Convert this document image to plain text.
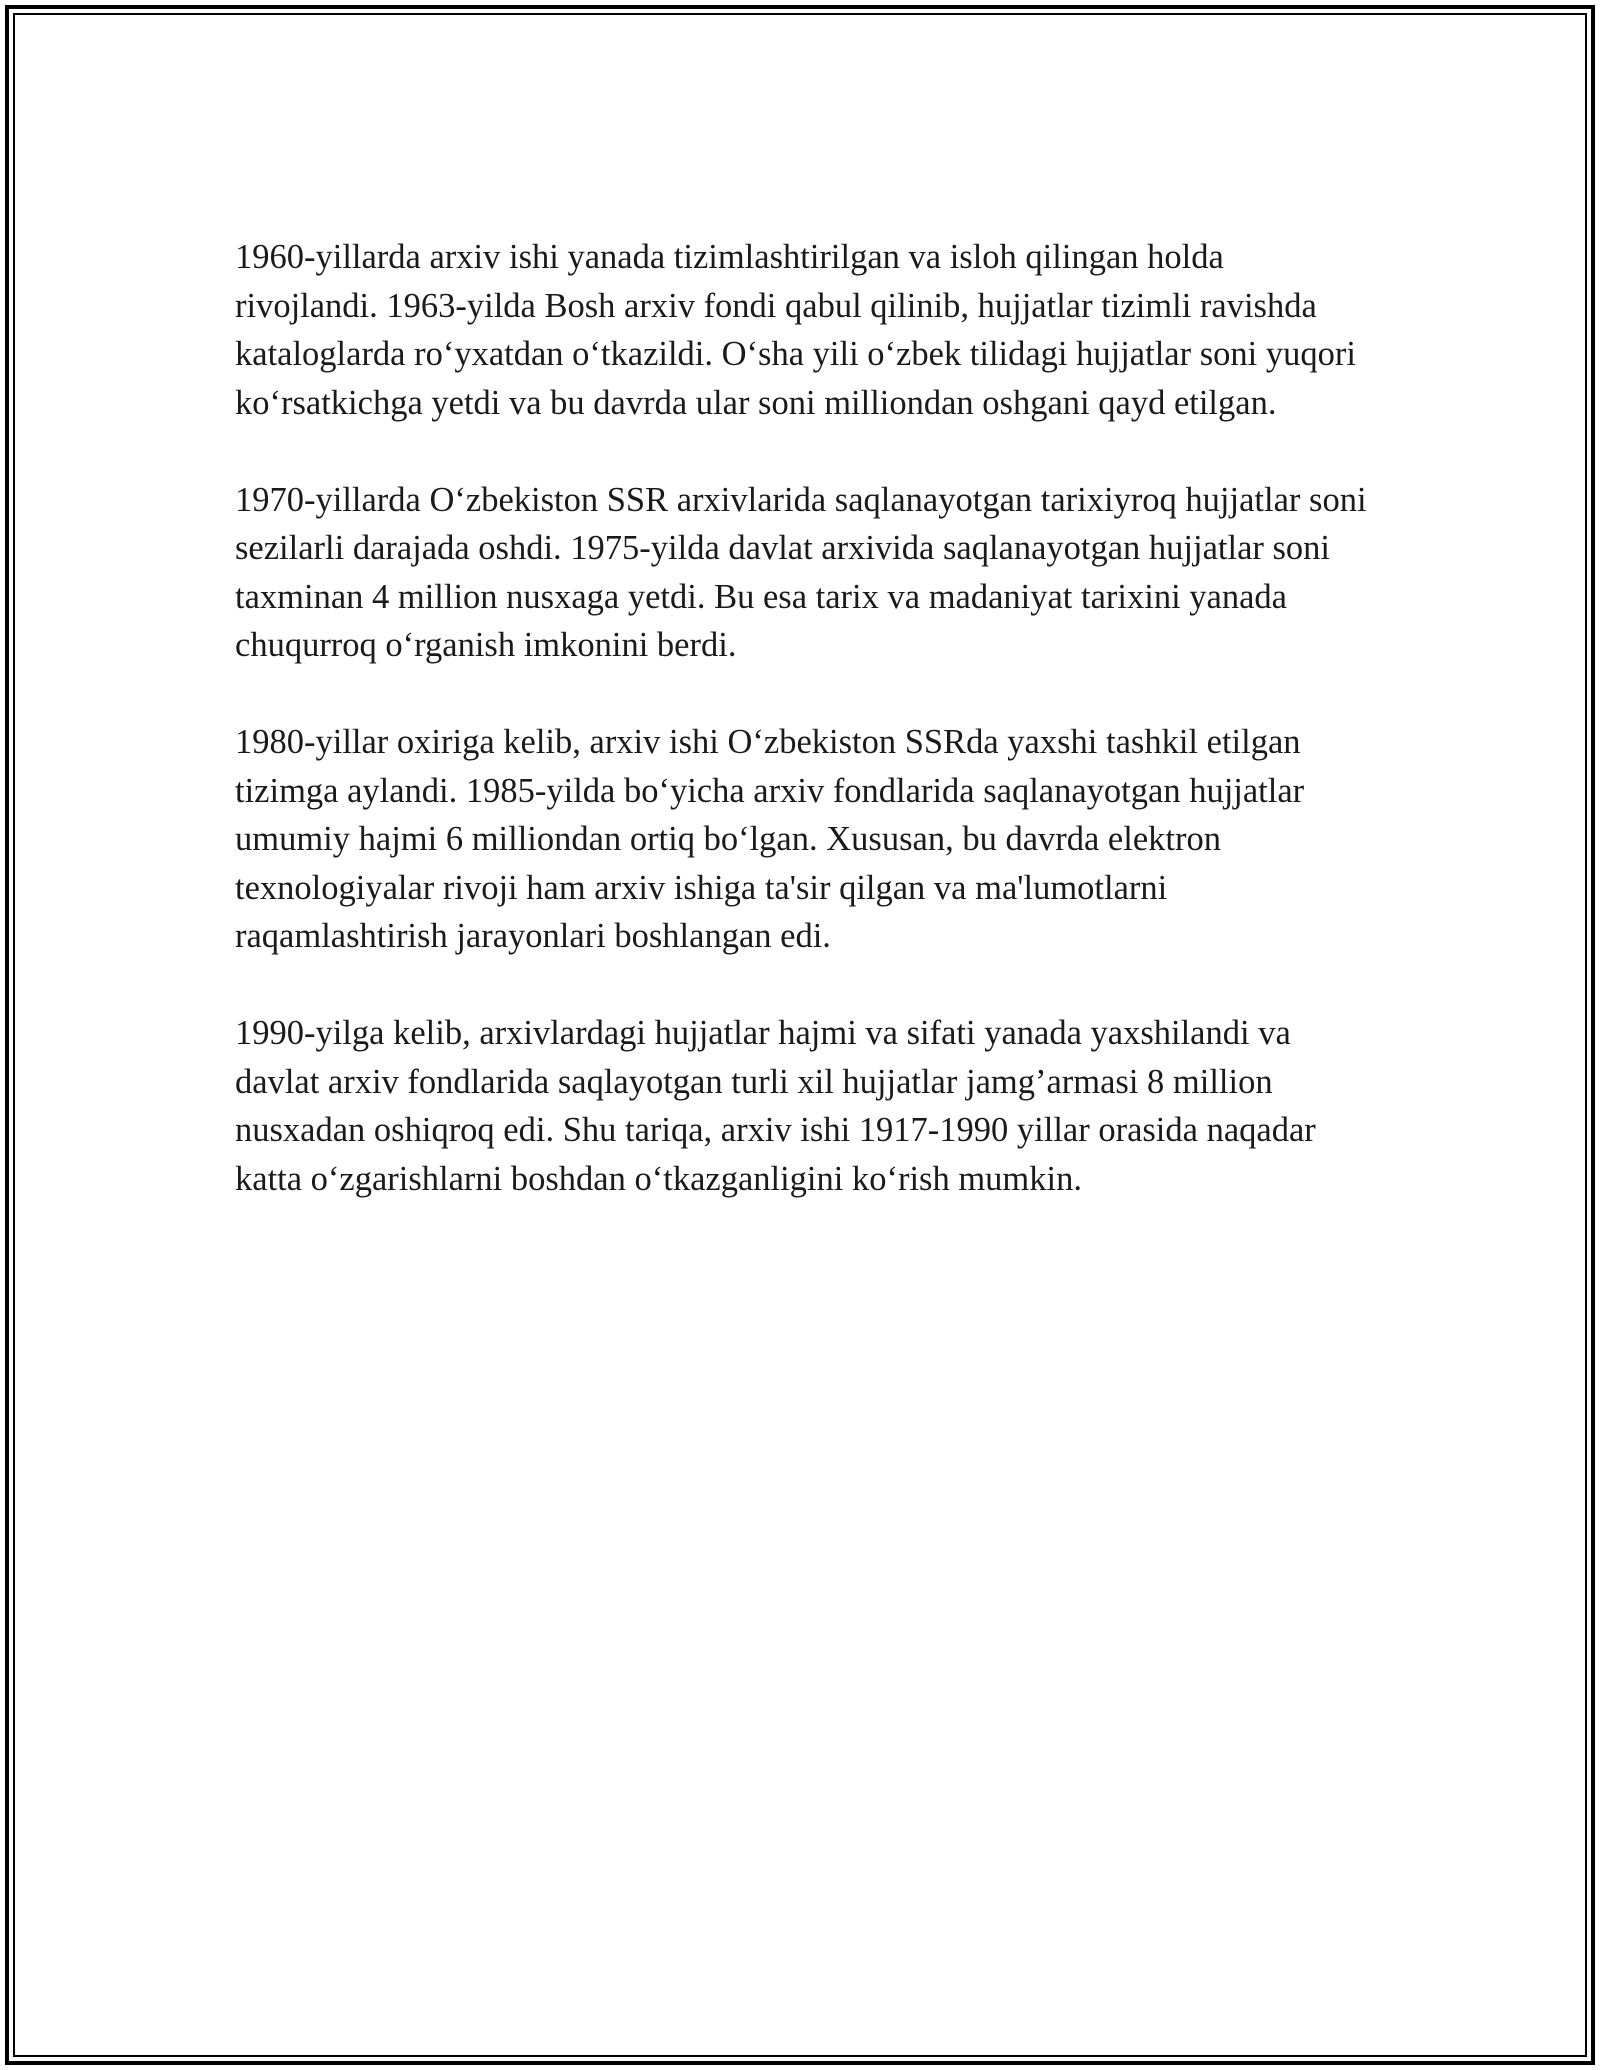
1960-yillarda arxiv ishi yanada tizimlashtirilgan va isloh qilingan holda rivojlandi. 1963-yilda Bosh arxiv fondi qabul qilinib, hujjatlar tizimli ravishda kataloglarda ro‘yxatdan o‘tkazildi. O‘sha yili o‘zbek tilidagi hujjatlar soni yuqori ko‘rsatkichga yetdi va bu davrda ular soni milliondan oshgani qayd etilgan.

1970-yillarda O‘zbekiston SSR arxivlarida saqlanayotgan tarixiyroq hujjatlar soni sezilarli darajada oshdi. 1975-yilda davlat arxivida saqlanayotgan hujjatlar soni taxminan 4 million nusxaga yetdi. Bu esa tarix va madaniyat tarixini yanada chuqurroq o‘rganish imkonini berdi.

1980-yillar oxiriga kelib, arxiv ishi O‘zbekiston SSRda yaxshi tashkil etilgan tizimga aylandi. 1985-yilda bo‘yicha arxiv fondlarida saqlanayotgan hujjatlar umumiy hajmi 6 milliondan ortiq bo‘lgan. Xususan, bu davrda elektron texnologiyalar rivoji ham arxiv ishiga ta'sir qilgan va ma'lumotlarni raqamlashtirish jarayonlari boshlangan edi.

1990-yilga kelib, arxivlardagi hujjatlar hajmi va sifati yanada yaxshilandi va davlat arxiv fondlarida saqlayotgan turli xil hujjatlar jamg’armasi 8 million nusxadan oshiqroq edi. Shu tariqa, arxiv ishi 1917-1990 yillar orasida naqadar katta o‘zgarishlarni boshdan o‘tkazganligini ko‘rish mumkin.
